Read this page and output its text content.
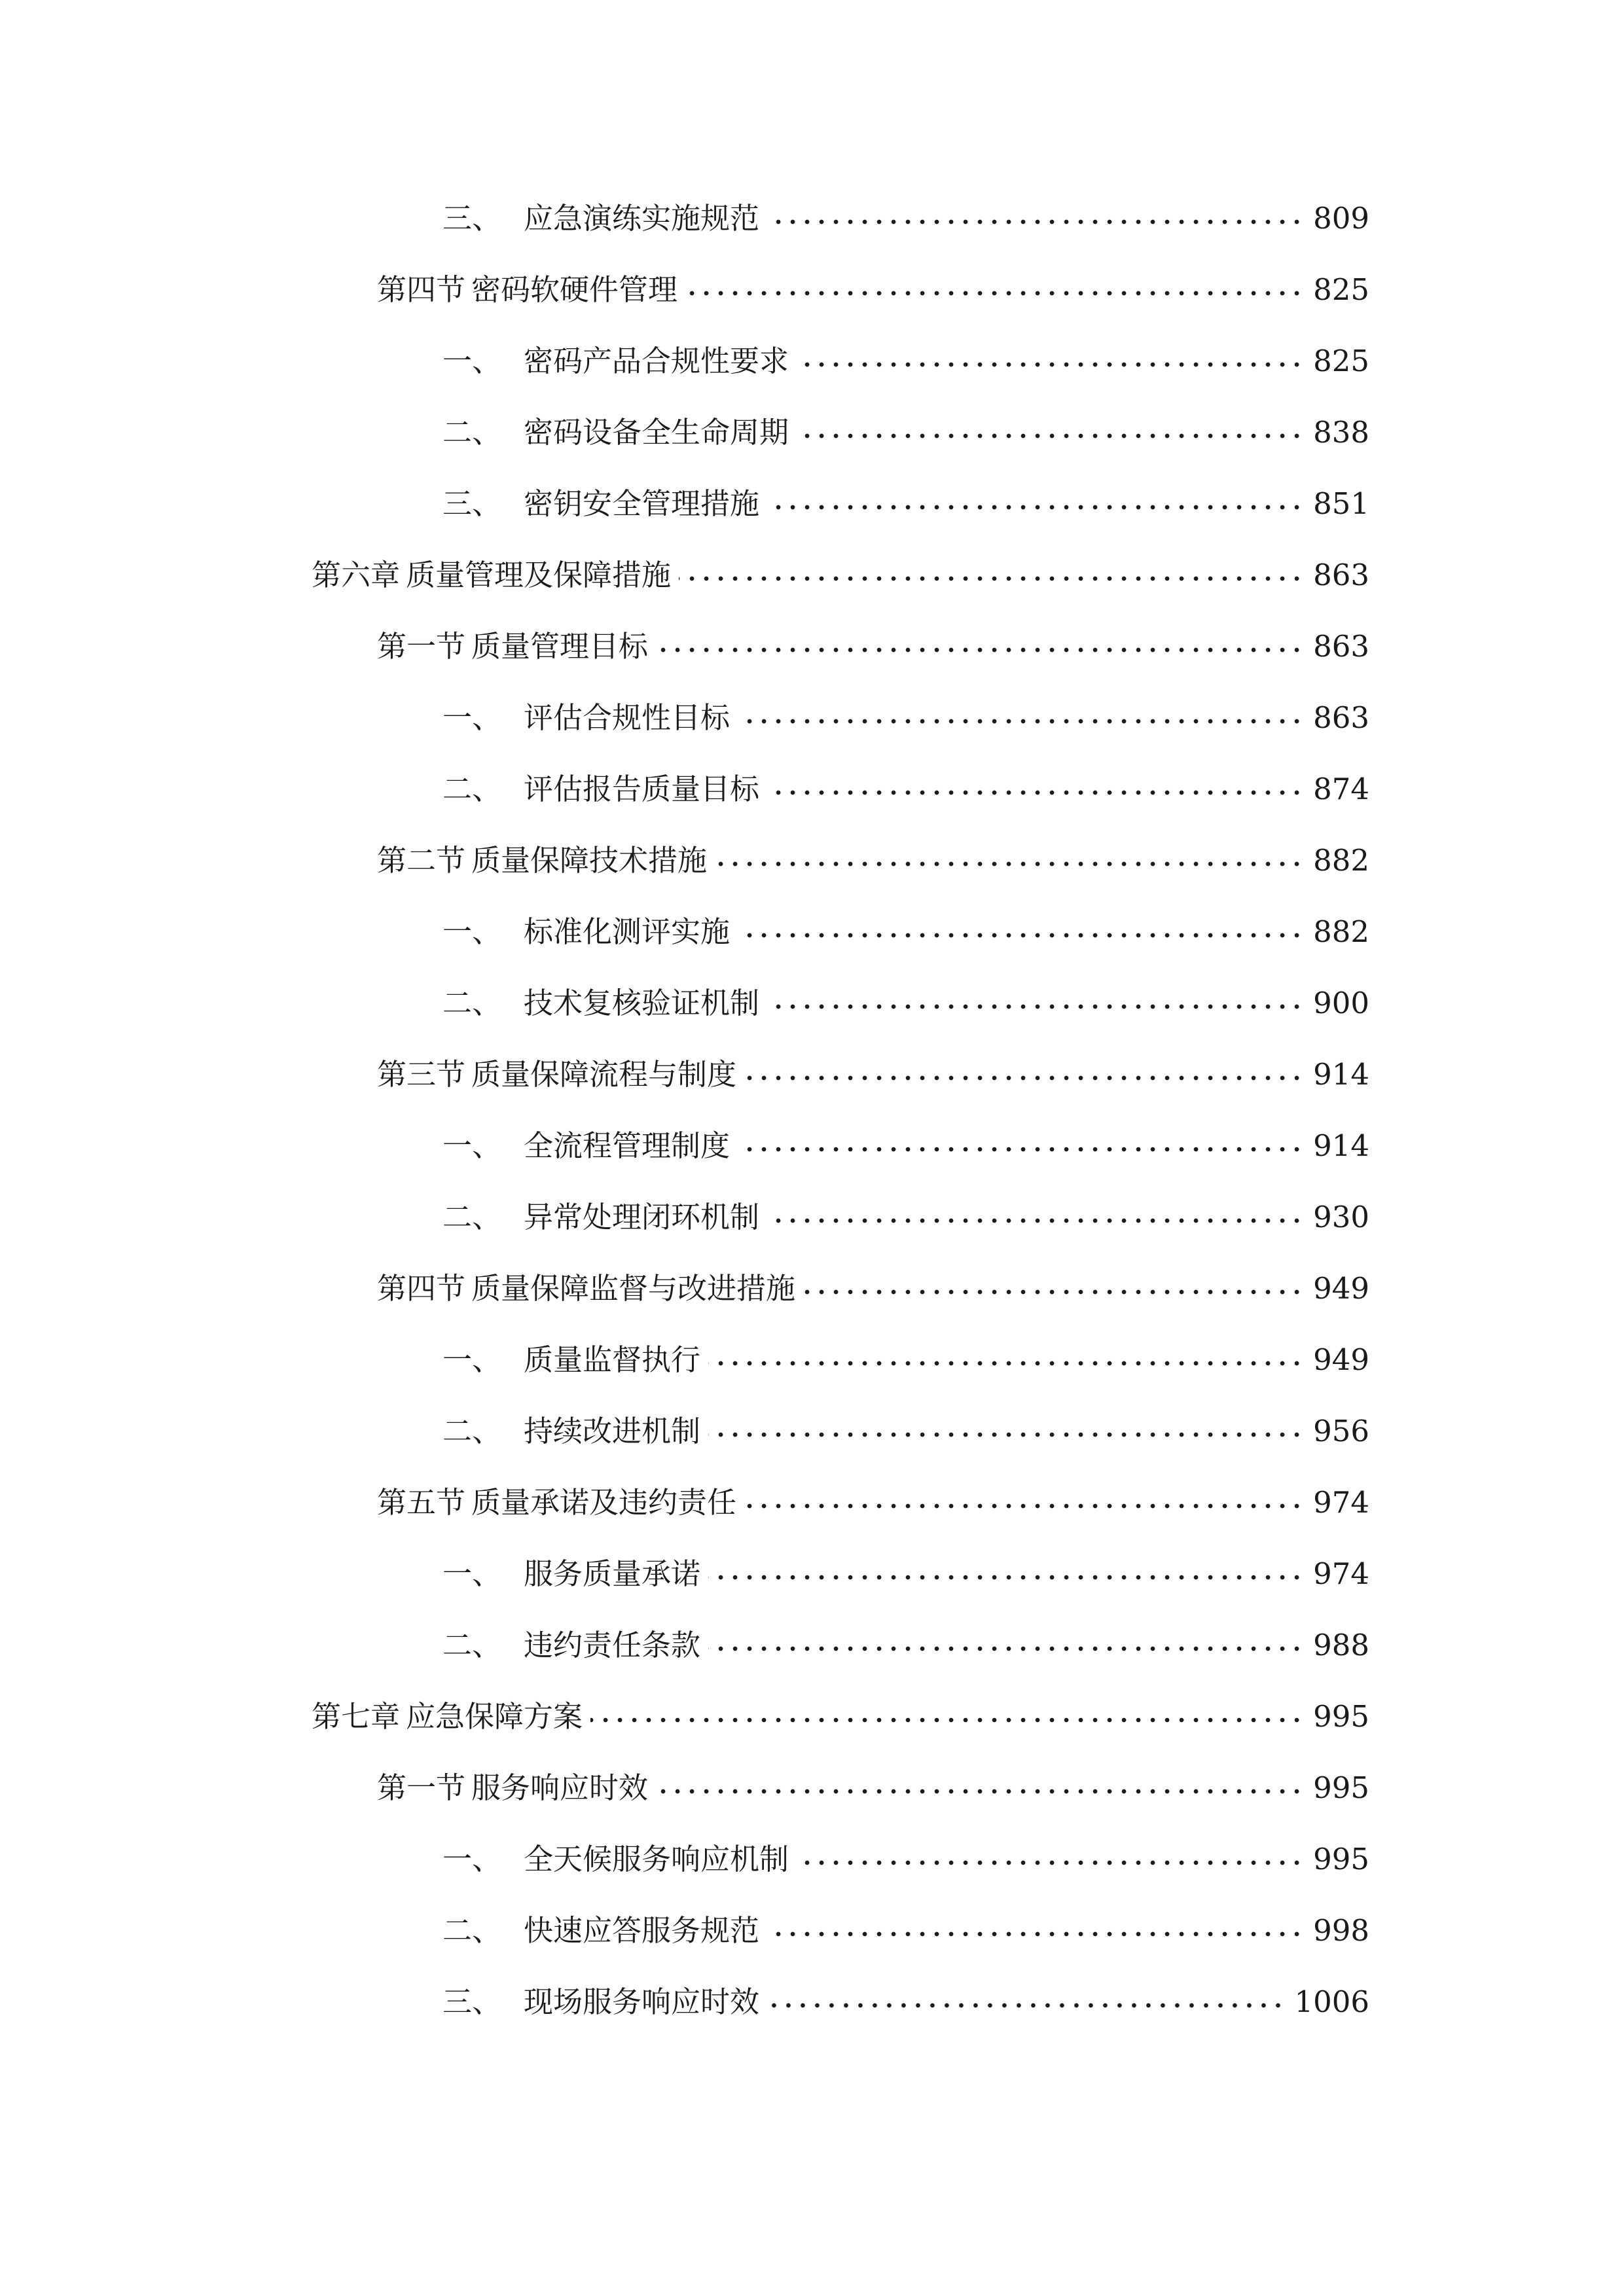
三、 应急演练实施规范	809
第四节 密码软硬件管理	825
一、 密码产品合规性要求	825
二、 密码设备全生命周期	838
三、 密钥安全管理措施	851
第六章 质量管理及保障措施	863
第一节 质量管理目标	863
一、 评估合规性目标	863
二、 评估报告质量目标	874
第二节 质量保障技术措施	882
一、 标准化测评实施	882
二、 技术复核验证机制	900
第三节 质量保障流程与制度	914
一、 全流程管理制度	914
二、 异常处理闭环机制	930
第四节 质量保障监督与改进措施	949
一、 质量监督执行	949
二、 持续改进机制	956
第五节 质量承诺及违约责任	974
一、 服务质量承诺	974
二、 违约责任条款	988
第七章 应急保障方案	995
第一节 服务响应时效	995
一、 全天候服务响应机制	995
二、 快速应答服务规范	998
三、 现场服务响应时效	1006
